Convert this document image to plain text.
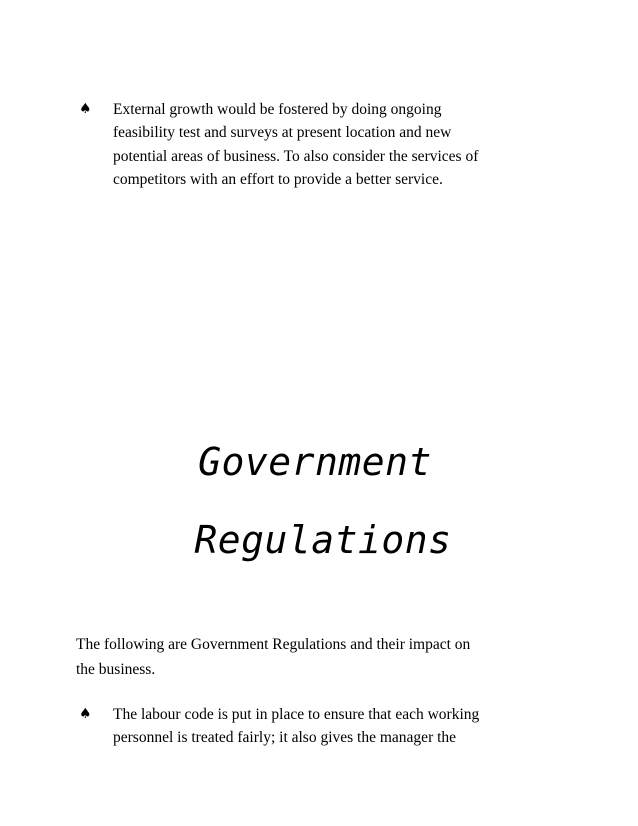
♠	External growth would be fostered by doing ongoing
feasibility test and surveys at present location and new
potential areas of business. To also consider the services of
competitors with an effort to provide a better service.
Government
Regulations
The following are Government Regulations and their impact on
the business.
♠	The labour code is put in place to ensure that each working
personnel is treated fairly; it also gives the manager the
